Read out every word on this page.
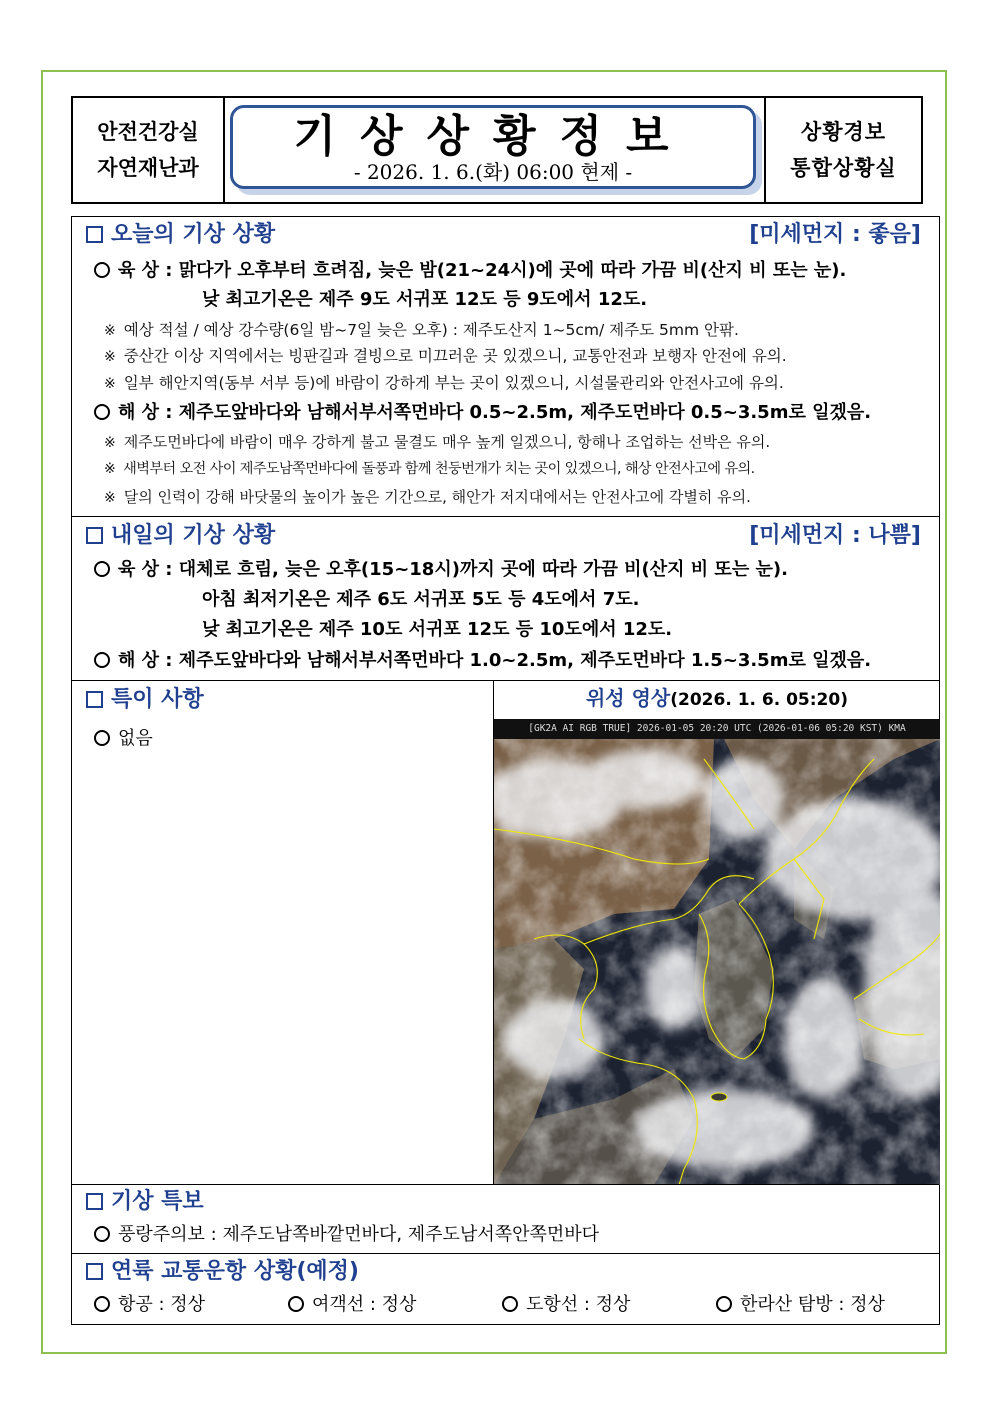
안전건강실
자연재난과
기상상황정보
- 2026. 1. 6.(화) 06:00 현제 -
상황경보
통합상황실
오늘의 기상 상황	[미세먼지 : 좋음]
육 상 : 맑다가 오후부터 흐려짐, 늦은 밤(21~24시)에 곳에 따라 가끔 비(산지 비 또는 눈).
낮 최고기온은 제주 9도 서귀포 12도 등 9도에서 12도.
※ 예상 적설 / 예상 강수량(6일 밤~7일 늦은 오후) : 제주도산지 1~5cm/ 제주도 5mm 안팎.
※ 중산간 이상 지역에서는 빙판길과 결빙으로 미끄러운 곳 있겠으니, 교통안전과 보행자 안전에 유의.
※ 일부 해안지역(동부 서부 등)에 바람이 강하게 부는 곳이 있겠으니, 시설물관리와 안전사고에 유의.
해 상 : 제주도앞바다와 남해서부서쪽먼바다 0.5~2.5m, 제주도먼바다 0.5~3.5m로 일겠음.
※ 제주도먼바다에 바람이 매우 강하게 불고 물결도 매우 높게 일겠으니, 항해나 조업하는 선박은 유의.
※ 새벽부터 오전 사이 제주도남쪽먼바다에 돌풍과 함께 천둥번개가 치는 곳이 있겠으니, 해상 안전사고에 유의.
※ 달의 인력이 강해 바닷물의 높이가 높은 기간으로, 해안가 저지대에서는 안전사고에 각별히 유의.
내일의 기상 상황	[미세먼지 : 나쁨]
육 상 : 대체로 흐림, 늦은 오후(15~18시)까지 곳에 따라 가끔 비(산지 비 또는 눈).
아침 최저기온은 제주 6도 서귀포 5도 등 4도에서 7도.
낮 최고기온은 제주 10도 서귀포 12도 등 10도에서 12도.
해 상 : 제주도앞바다와 남해서부서쪽먼바다 1.0~2.5m, 제주도먼바다 1.5~3.5m로 일겠음.
특이 사항
없음
위성 영상(2026. 1. 6. 05:20)
[GK2A AI RGB TRUE] 2026-01-05 20:20 UTC (2026-01-06 05:20 KST) KMA
기상 특보
풍랑주의보 : 제주도남쪽바깥먼바다, 제주도남서쪽안쪽먼바다
연륙 교통운항 상황(예정)
항공 : 정상	여객선 : 정상	도항선 : 정상	한라산 탐방 : 정상
